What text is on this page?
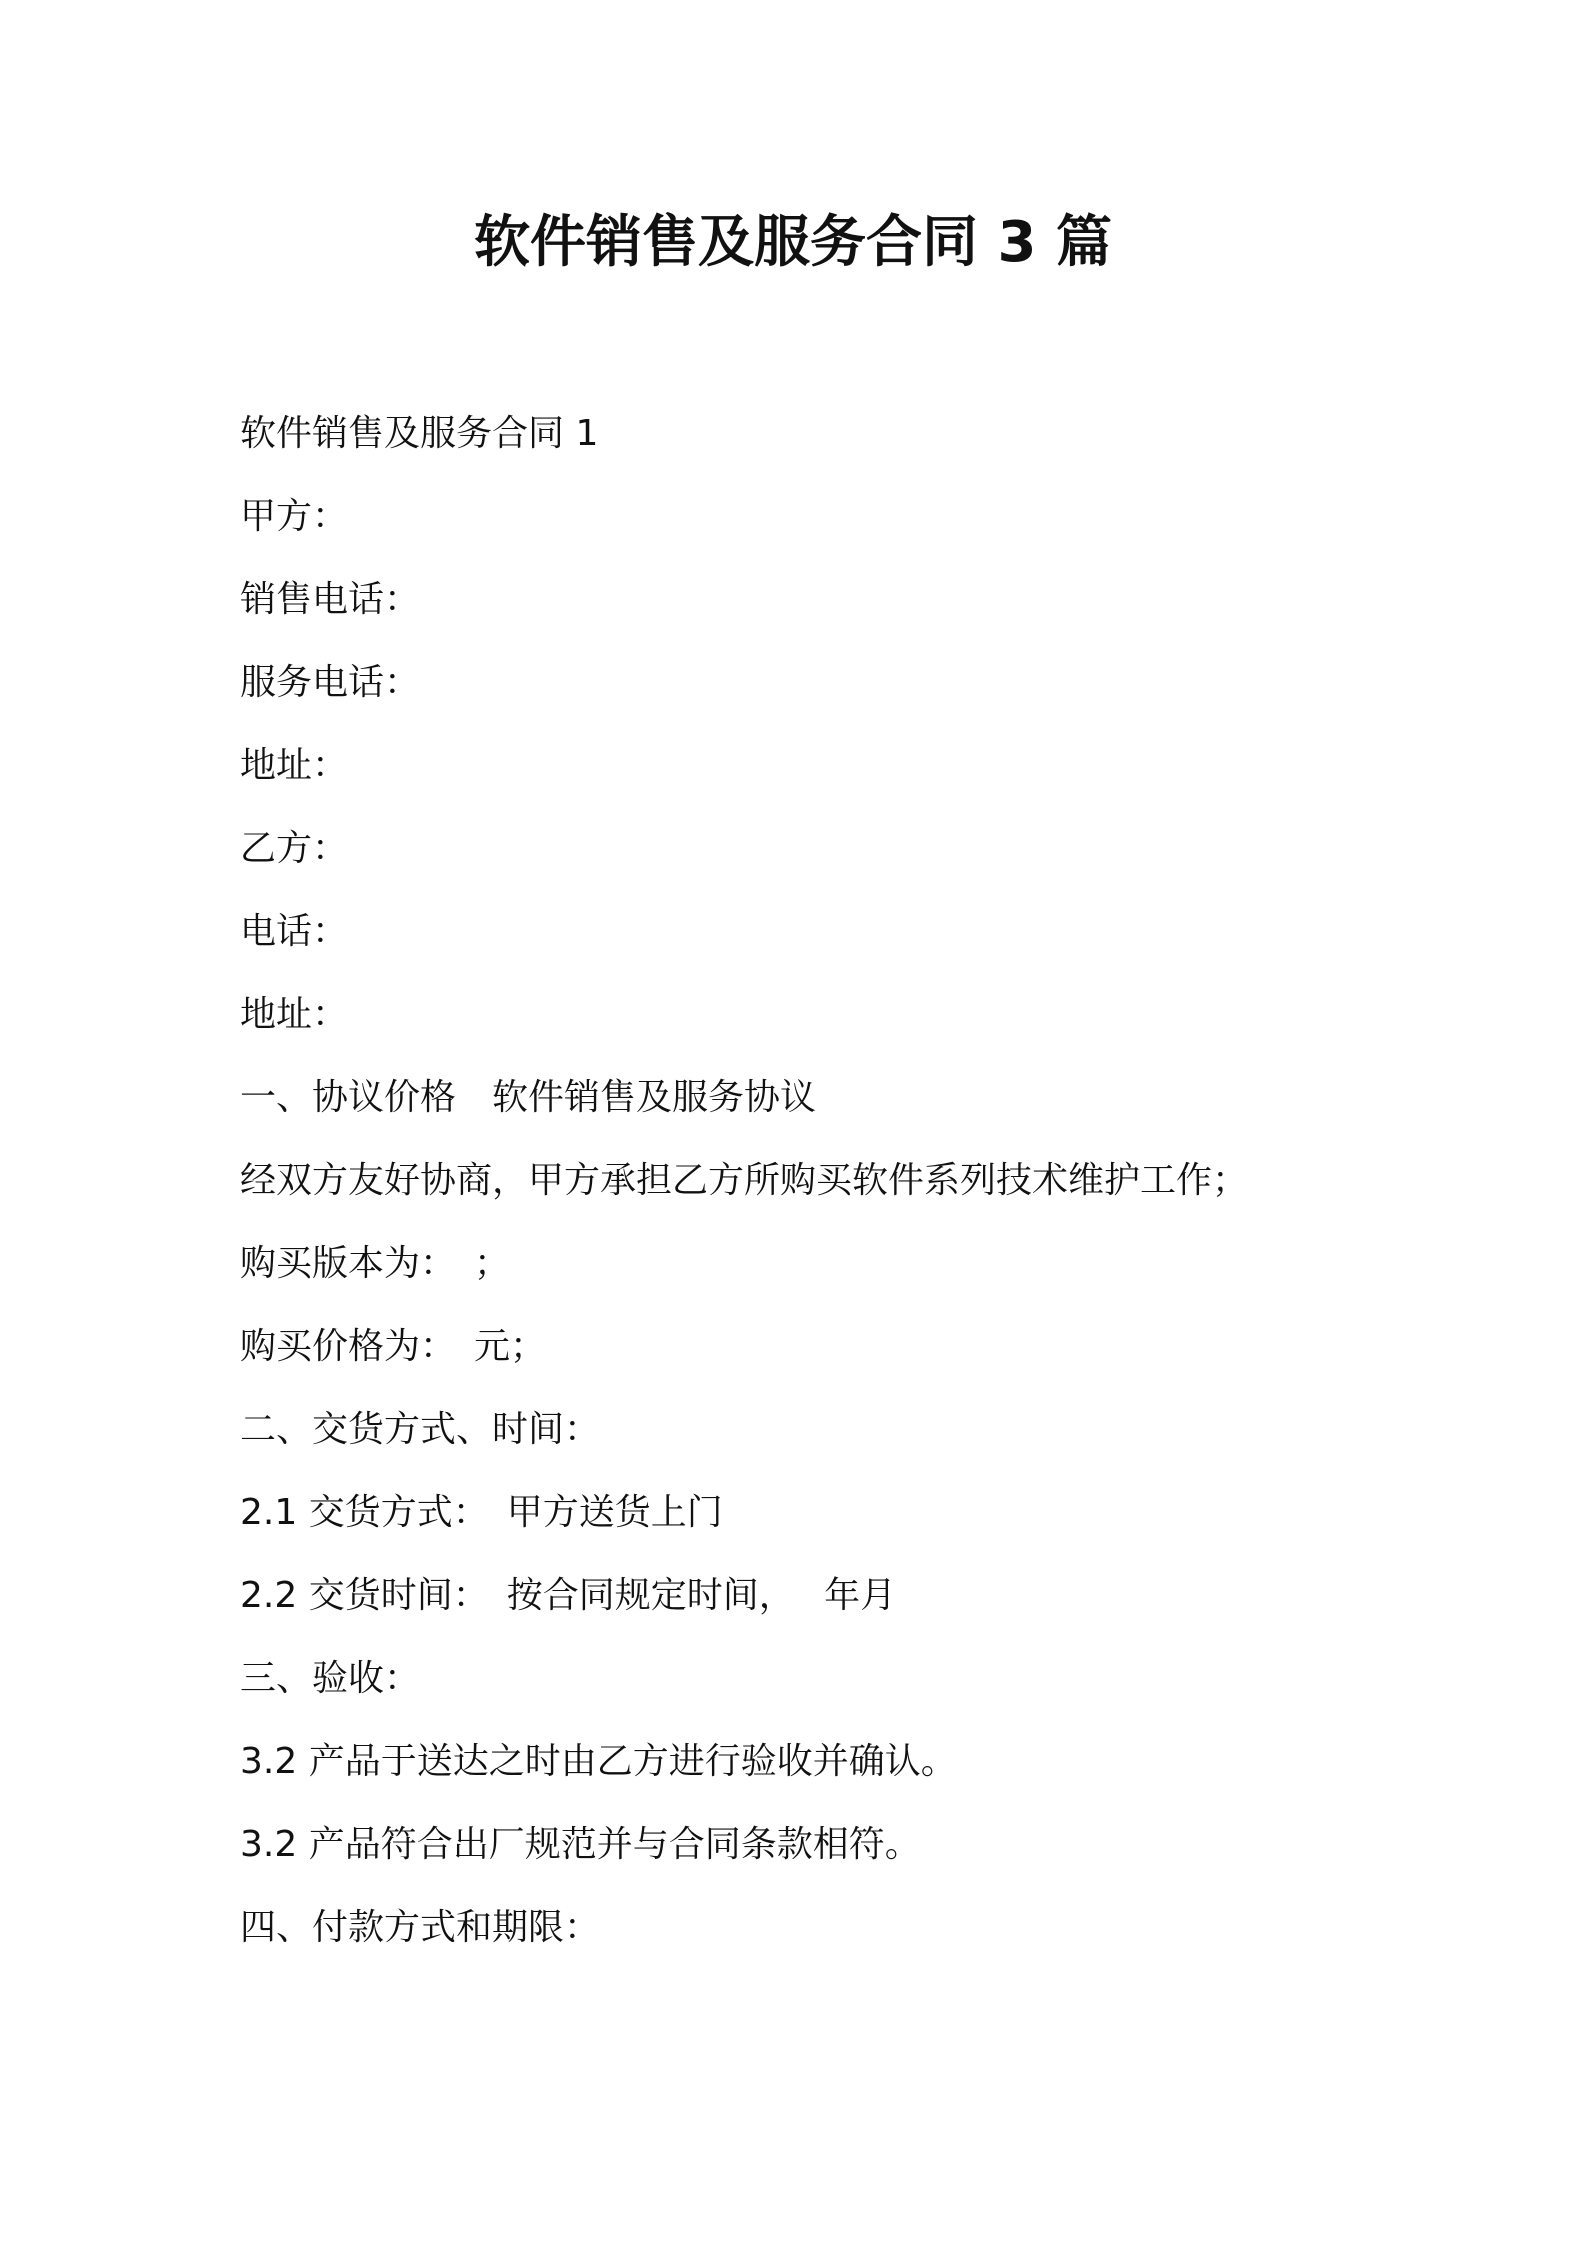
软件销售及服务合同 3 篇

软件销售及服务合同 1

甲方：

销售电话：

服务电话：

地址：

乙方：

电话：

地址：

一、协议价格　软件销售及服务协议

经双方友好协商，甲方承担乙方所购买软件系列技术维护工作；

购买版本为：　；

购买价格为：　元；

二、交货方式、时间：

2.1 交货方式：　甲方送货上门

2.2 交货时间：　按合同规定时间，　 年月

三、验收：

3.2 产品于送达之时由乙方进行验收并确认。

3.2 产品符合出厂规范并与合同条款相符。

四、付款方式和期限：
